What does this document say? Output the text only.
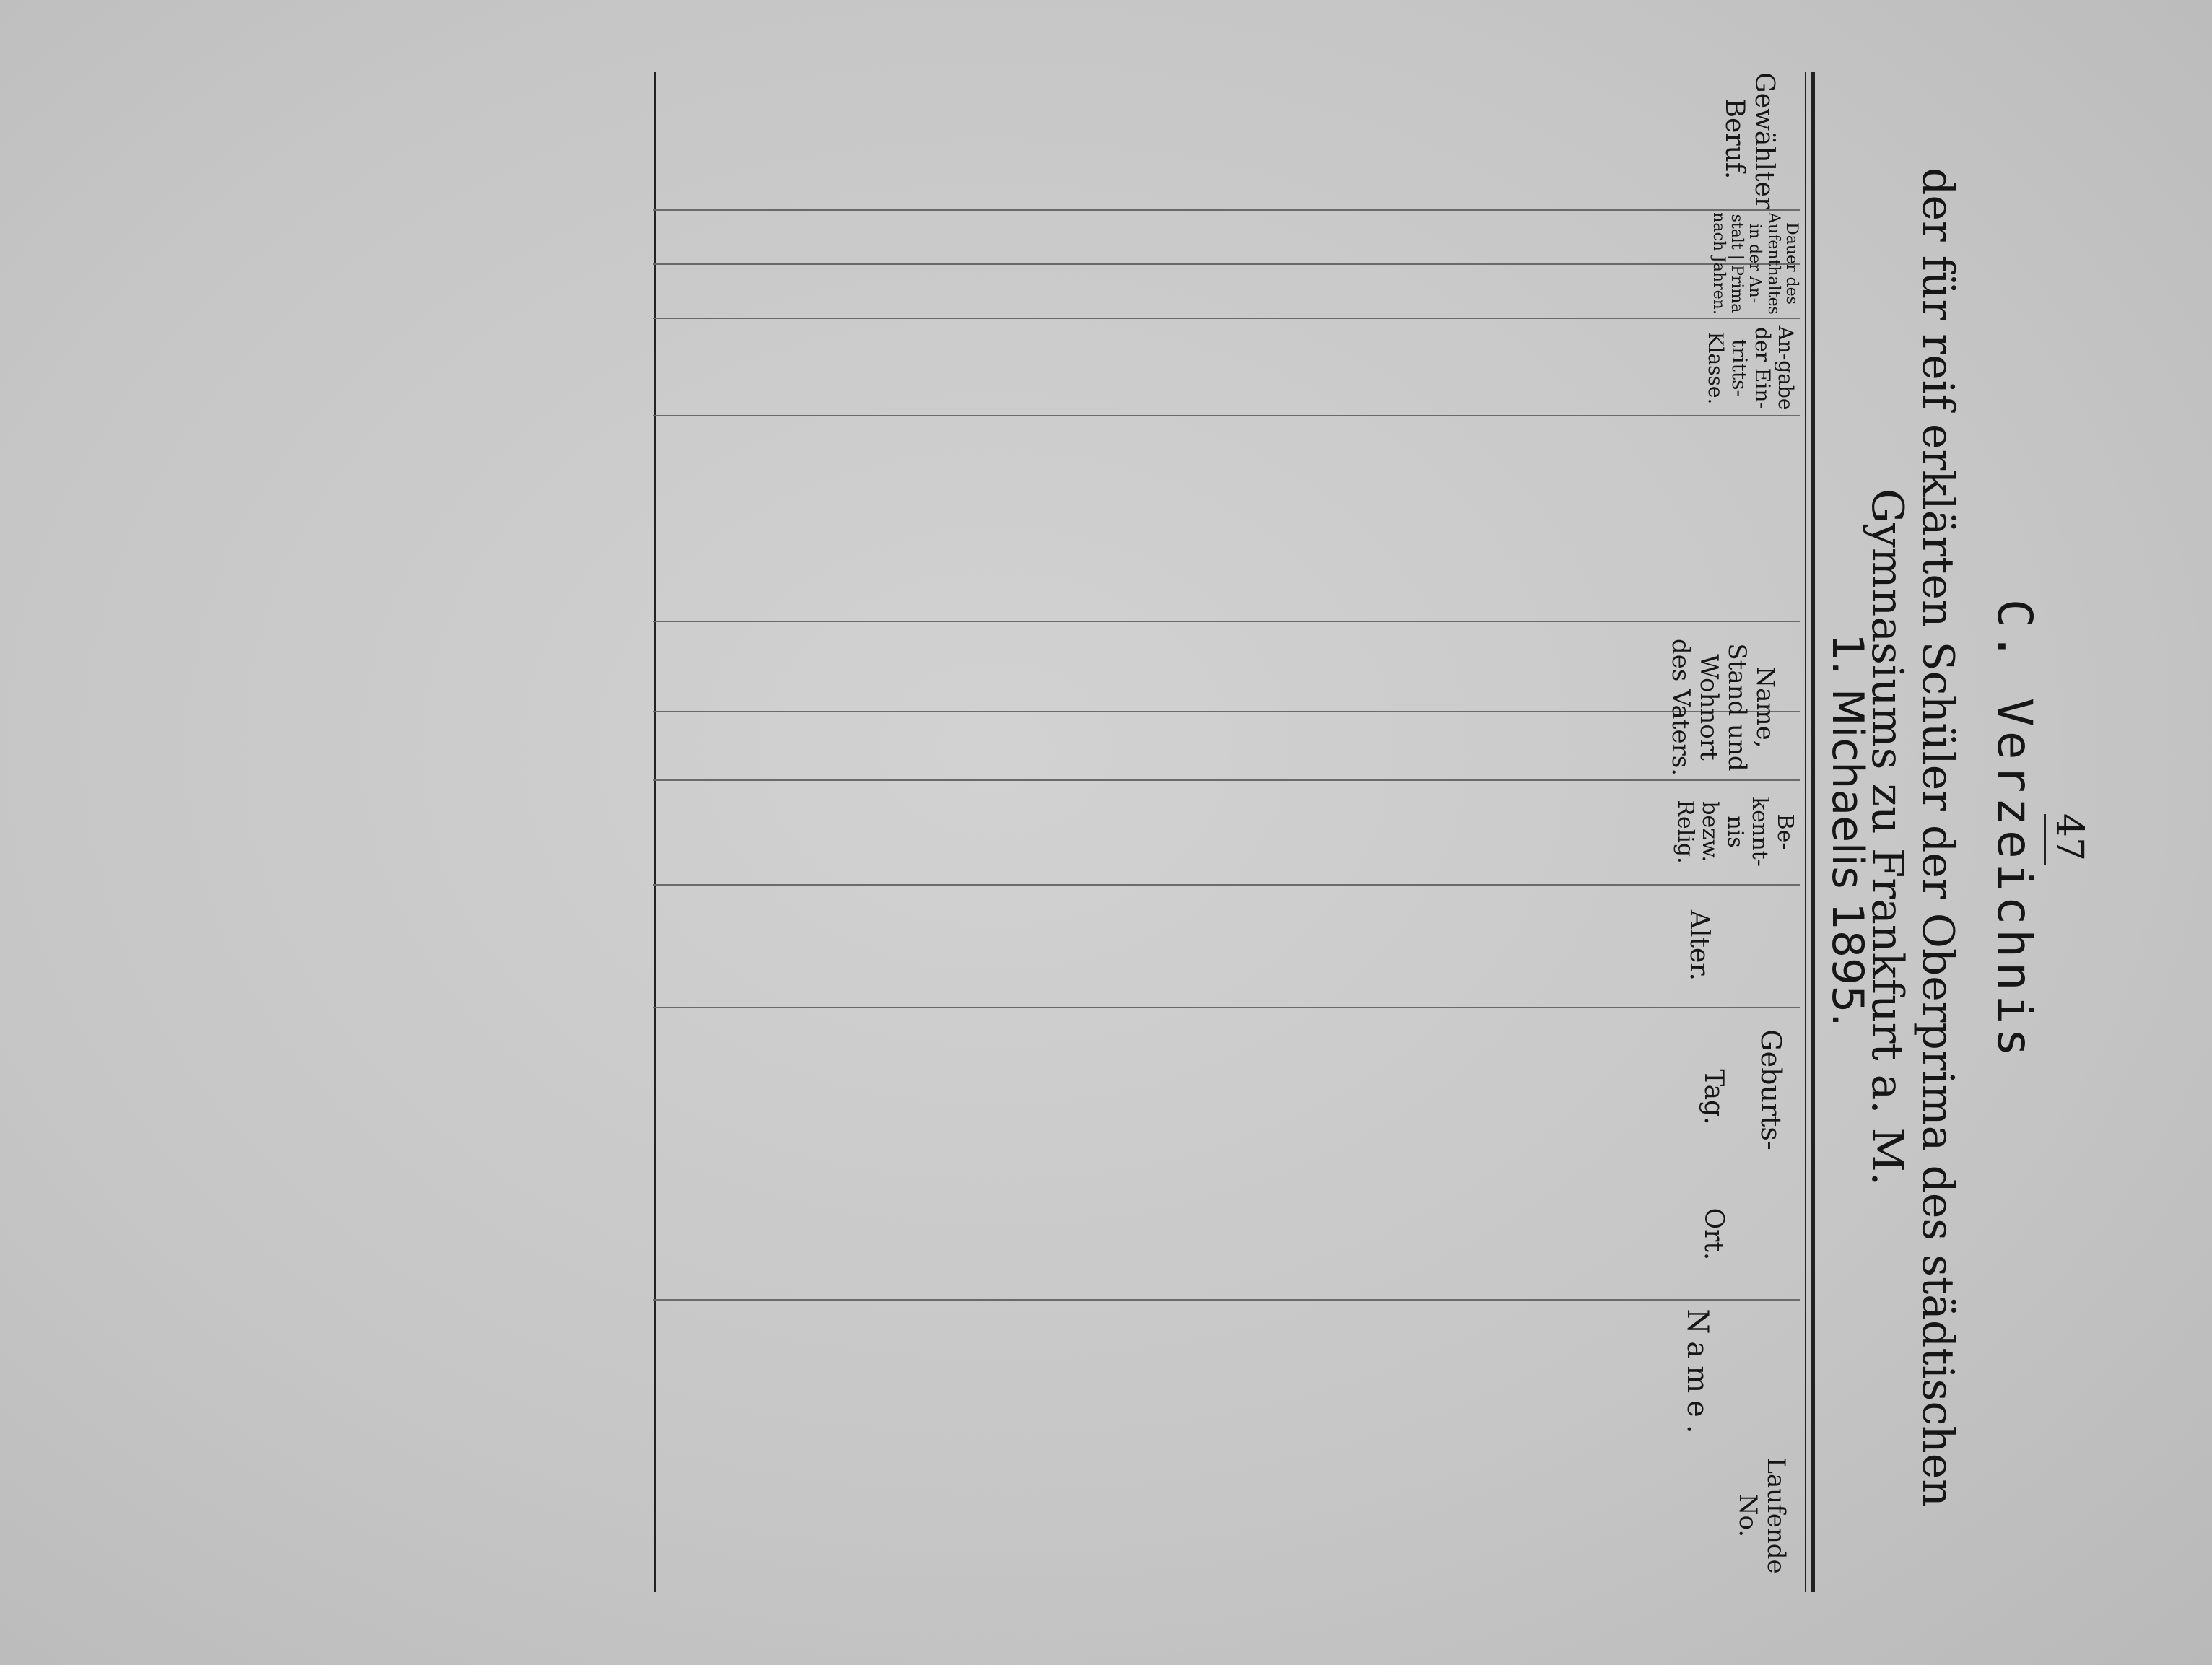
47
C. Verzeichnis
der für reif erklärten Schüler der Oberprima des städtischen Gymnasiums zu Frankfurt a. M.
1. Michaelis 1895.
Laufende No.
Name.
Geburts-
Ort.
Tag.
Alter.
Be-kennt-nis bezw. Relig.
Name, Stand und Wohnort des Vaters.
An-gabe der Ein-tritts-Klasse.
Dauer des Aufenthaltes in der An-stalt | Prima nach Jahren.
Gewählter Beruf.
